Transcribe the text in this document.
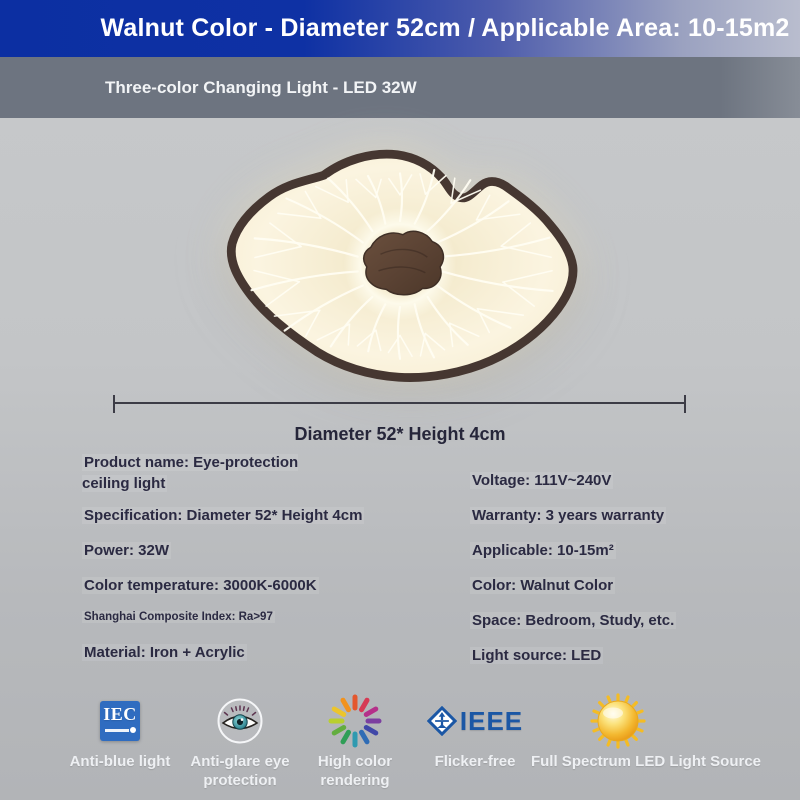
Walnut Color - Diameter 52cm / Applicable Area: 10-15m2
Three-color Changing Light - LED 32W
Diameter 52* Height 4cm
Product name: Eye-protection ceiling light
Specification: Diameter 52* Height 4cm
Power: 32W
Color temperature: 3000K-6000K
Shanghai Composite Index: Ra>97
Material: Iron + Acrylic
Voltage: 111V~240V
Warranty: 3 years warranty
Applicable: 10-15m²
Color: Walnut Color
Space: Bedroom, Study, etc.
Light source: LED
IEC
Anti-blue light	Anti-glare eye protection
High color rendering
IEEE
Flicker-free Full Spectrum LED Light Source
